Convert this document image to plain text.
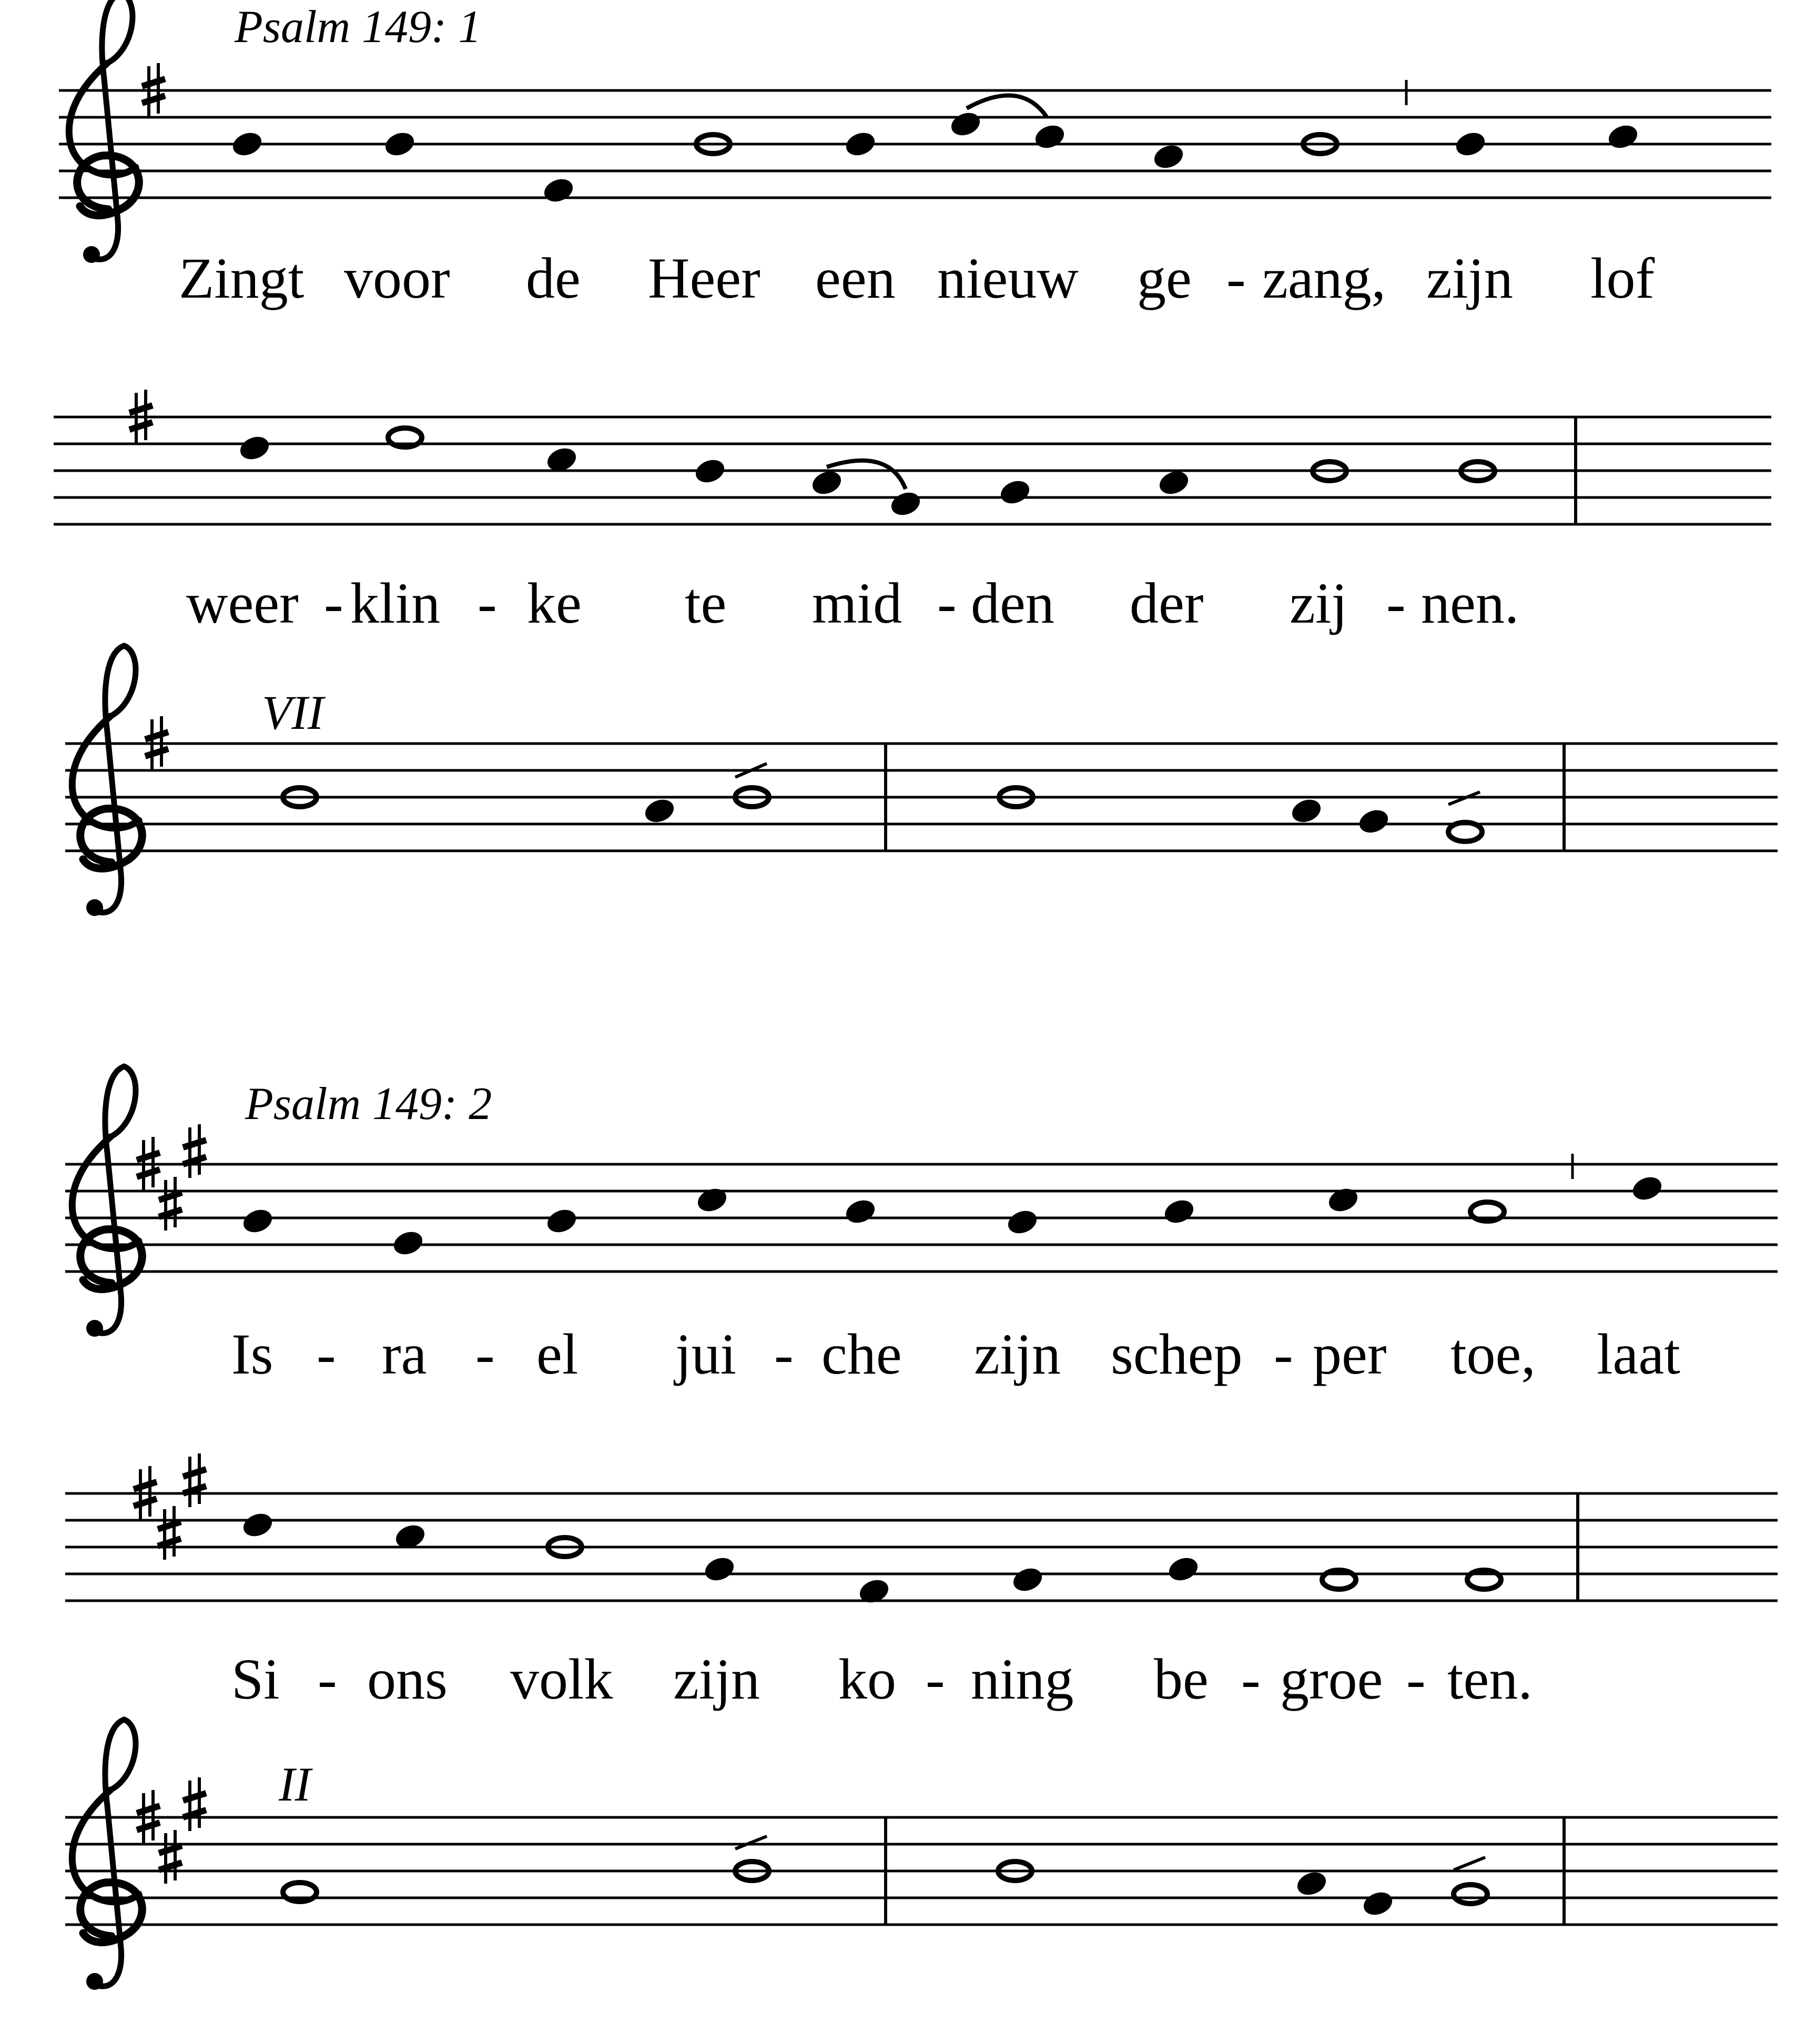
Psalm 149: 1
Zingt voor de Heer een nieuw ge - zang, zijn lof
weer - klin - ke te mid - den der zij - nen.
VII
Psalm 149: 2
Is - ra - el jui - che zijn schep - per toe, laat
Si - ons volk zijn ko - ning be - groe - ten.
II
